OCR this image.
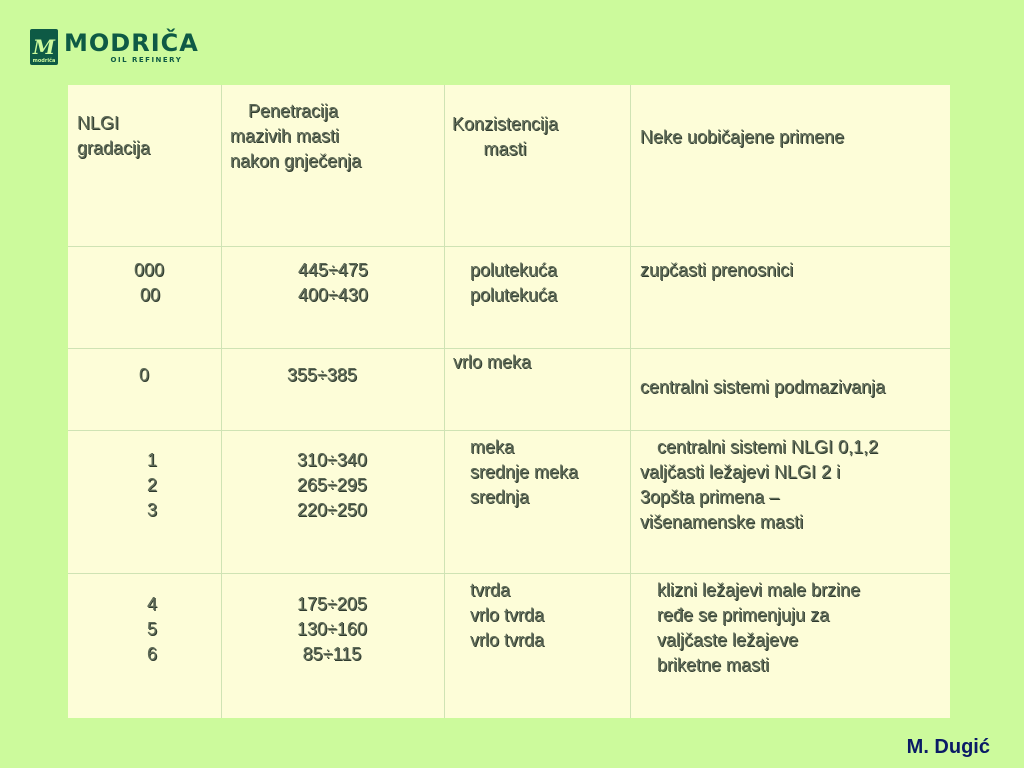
M
modriča
MODRIČA
OIL REFINERY
NLGI
gradacija
Penetracija
mazivih masti
nakon gnječenja
Konzistencija
masti
Neke uobičajene primene
000
00
445÷475
400÷430
polutekuća
polutekuća
zupčasti prenosnici
0	355÷385
vrlo meka
centralni sistemi podmazivanja
1
2
3
310÷340
265÷295
220÷250
meka
srednje meka
srednja
centralni sistemi NLGI 0,1,2
valjčasti ležajevi NLGI 2 i
3opšta primena –
višenamenske masti
4
5
6
175÷205
130÷160
85÷115
tvrda
vrlo tvrda
vrlo tvrda
klizni ležajevi male brzine
ređe se primenjuju za
valjčaste ležajeve
briketne masti
M. Dugić
